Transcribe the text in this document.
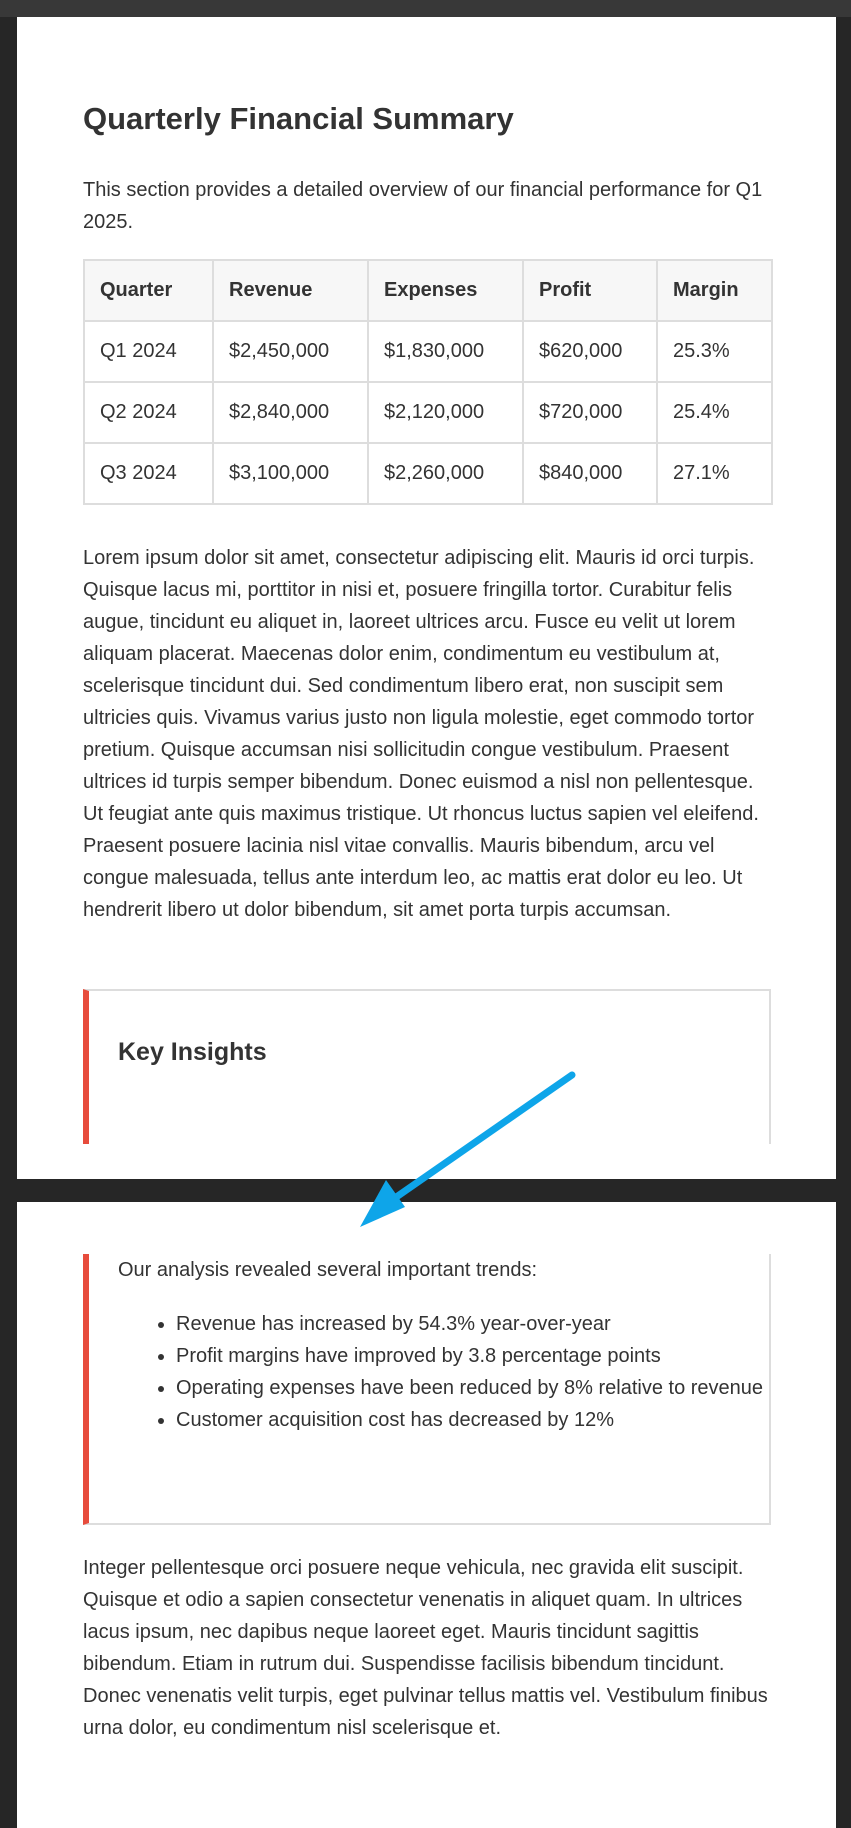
Quarterly Financial Summary

This section provides a detailed overview of our financial performance for Q1 2025.

Quarter	Revenue	Expenses	Profit	Margin
Q1 2024	$2,450,000	$1,830,000	$620,000	25.3%
Q2 2024	$2,840,000	$2,120,000	$720,000	25.4%
Q3 2024	$3,100,000	$2,260,000	$840,000	27.1%

Lorem ipsum dolor sit amet, consectetur adipiscing elit. Mauris id orci turpis. Quisque lacus mi, porttitor in nisi et, posuere fringilla tortor. Curabitur felis augue, tincidunt eu aliquet in, laoreet ultrices arcu. Fusce eu velit ut lorem aliquam placerat. Maecenas dolor enim, condimentum eu vestibulum at, scelerisque tincidunt dui. Sed condimentum libero erat, non suscipit sem ultricies quis. Vivamus varius justo non ligula molestie, eget commodo tortor pretium. Quisque accumsan nisi sollicitudin congue vestibulum. Praesent ultrices id turpis semper bibendum. Donec euismod a nisl non pellentesque. Ut feugiat ante quis maximus tristique. Ut rhoncus luctus sapien vel eleifend. Praesent posuere lacinia nisl vitae convallis. Mauris bibendum, arcu vel congue malesuada, tellus ante interdum leo, ac mattis erat dolor eu leo. Ut hendrerit libero ut dolor bibendum, sit amet porta turpis accumsan.

Key Insights

Our analysis revealed several important trends:

• Revenue has increased by 54.3% year-over-year
• Profit margins have improved by 3.8 percentage points
• Operating expenses have been reduced by 8% relative to revenue
• Customer acquisition cost has decreased by 12%

Integer pellentesque orci posuere neque vehicula, nec gravida elit suscipit. Quisque et odio a sapien consectetur venenatis in aliquet quam. In ultrices lacus ipsum, nec dapibus neque laoreet eget. Mauris tincidunt sagittis bibendum. Etiam in rutrum dui. Suspendisse facilisis bibendum tincidunt. Donec venenatis velit turpis, eget pulvinar tellus mattis vel. Vestibulum finibus urna dolor, eu condimentum nisl scelerisque et.
